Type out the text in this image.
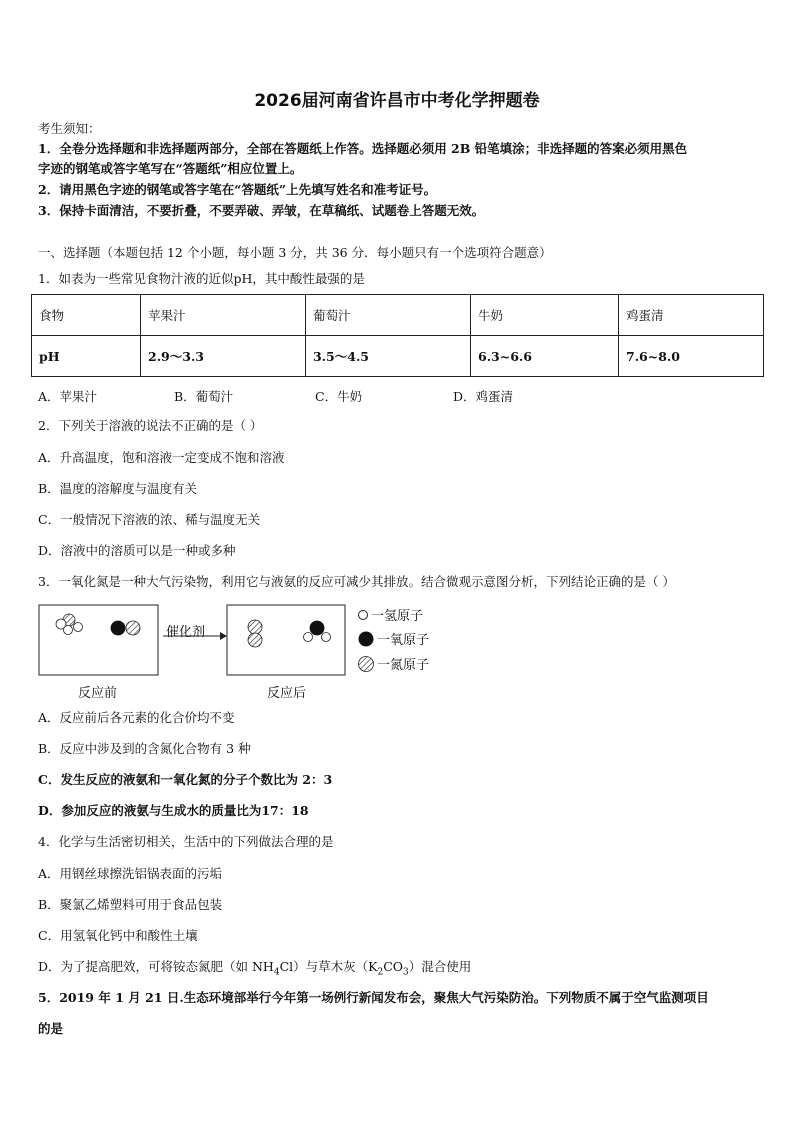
2026届河南省许昌市中考化学押题卷
考生须知：
1．全卷分选择题和非选择题两部分，全部在答题纸上作答。选择题必须用 2B 铅笔填涂；非选择题的答案必须用黑色
字迹的钢笔或答字笔写在“答题纸”相应位置上。
2．请用黑色字迹的钢笔或答字笔在“答题纸”上先填写姓名和准考证号。
3．保持卡面清洁，不要折叠，不要弄破、弄皱，在草稿纸、试题卷上答题无效。
一、选择题（本题包括 12 个小题，每小题 3 分，共 36 分．每小题只有一个选项符合题意）
1．如表为一些常见食物汁液的近似pH，其中酸性最强的是
食物	苹果汁	葡萄汁	牛奶	鸡蛋清
pH	2.9～3.3	3.5～4.5	6.3~6.6	7.6~8.0
A．苹果汁	B．葡萄汁	C．牛奶	D．鸡蛋清
2．下列关于溶液的说法不正确的是（ ）
A．升高温度，饱和溶液一定变成不饱和溶液
B．温度的溶解度与温度有关
C．一般情况下溶液的浓、稀与温度无关
D．溶液中的溶质可以是一种或多种
3．一氧化氮是一种大气污染物，利用它与液氨的反应可减少其排放。结合微观示意图分析，下列结论正确的是（ ）
催化剂
反应前	反应后
一氢原子
一氧原子
一氮原子
A．反应前后各元素的化合价均不变
B．反应中涉及到的含氮化合物有 3 种
C．发生反应的液氨和一氧化氮的分子个数比为 2：3
D．参加反应的液氨与生成水的质量比为17：18
4．化学与生活密切相关，生活中的下列做法合理的是
A．用钢丝球擦洗铝锅表面的污垢
B．聚氯乙烯塑料可用于食品包装
C．用氢氧化钙中和酸性土壤
D．为了提高肥效，可将铵态氮肥（如 $NH_4Cl$）与草木灰$(K_2CO_3)$混合使用
5．2019 年 1 月 21 日.生态环境部举行今年第一场例行新闻发布会，聚焦大气污染防治。下列物质不属于空气监测项目
的是
